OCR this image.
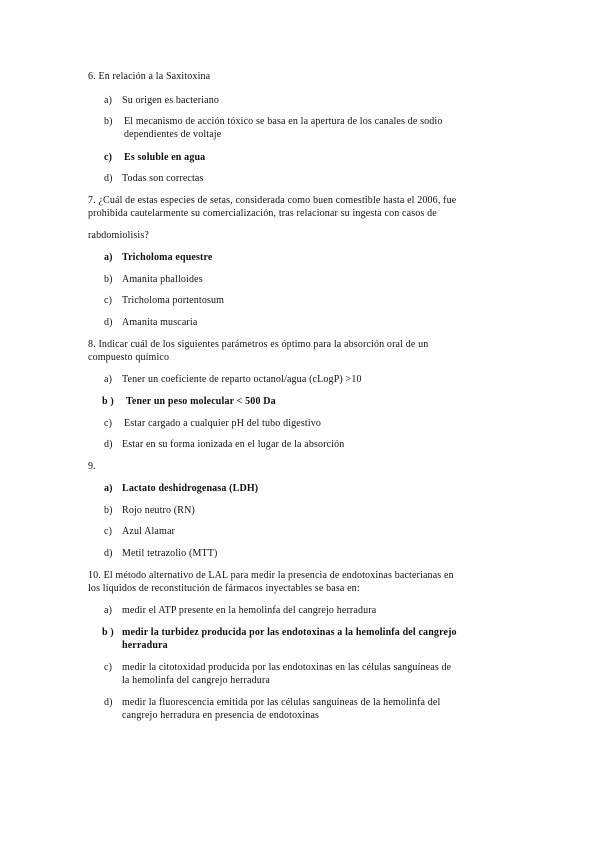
6. En relación a la Saxitoxina
a) Su origen es bacteriano
b) El mecanismo de acción tóxico se basa en la apertura de los canales de sodio
dependientes de voltaje
c) Es soluble en agua
d) Todas son correctas
7. ¿Cuál de estas especies de setas, considerada como buen comestible hasta el 2006, fue
prohibida cautelarmente su comercialización, tras relacionar su ingesta con casos de
rabdomiolisis?
a) Tricholoma equestre
b) Amanita phalloides
c) Tricholoma portentosum
d) Amanita muscaria
8. Indicar cuál de los siguientes parámetros es óptimo para la absorción oral de un
compuesto químico
a) Tener un coeficiente de reparto octanol/agua (cLogP) >10
b ) Tener un peso molecular < 500 Da
c) Estar cargado a cualquier pH del tubo digestivo
d) Estar en su forma ionizada en el lugar de la absorción
9.
a) Lactato deshidrogenasa (LDH)
b) Rojo neutro (RN)
c) Azul Alamar
d) Metil tetrazolio (MTT)
10. El método alternativo de LAL para medir la presencia de endotoxinas bacterianas en
los líquidos de reconstitución de fármacos inyectables se basa en:
a) medir el ATP presente en la hemolinfa del cangrejo herradura
b ) medir la turbidez producida por las endotoxinas a la hemolinfa del cangrejo
herradura
c) medir la citotoxidad producida por las endotoxinas en las células sanguíneas de
la hemolinfa del cangrejo herradura
d) medir la fluorescencia emitida por las células sanguíneas de la hemolinfa del
cangrejo herradura en presencia de endotoxinas
